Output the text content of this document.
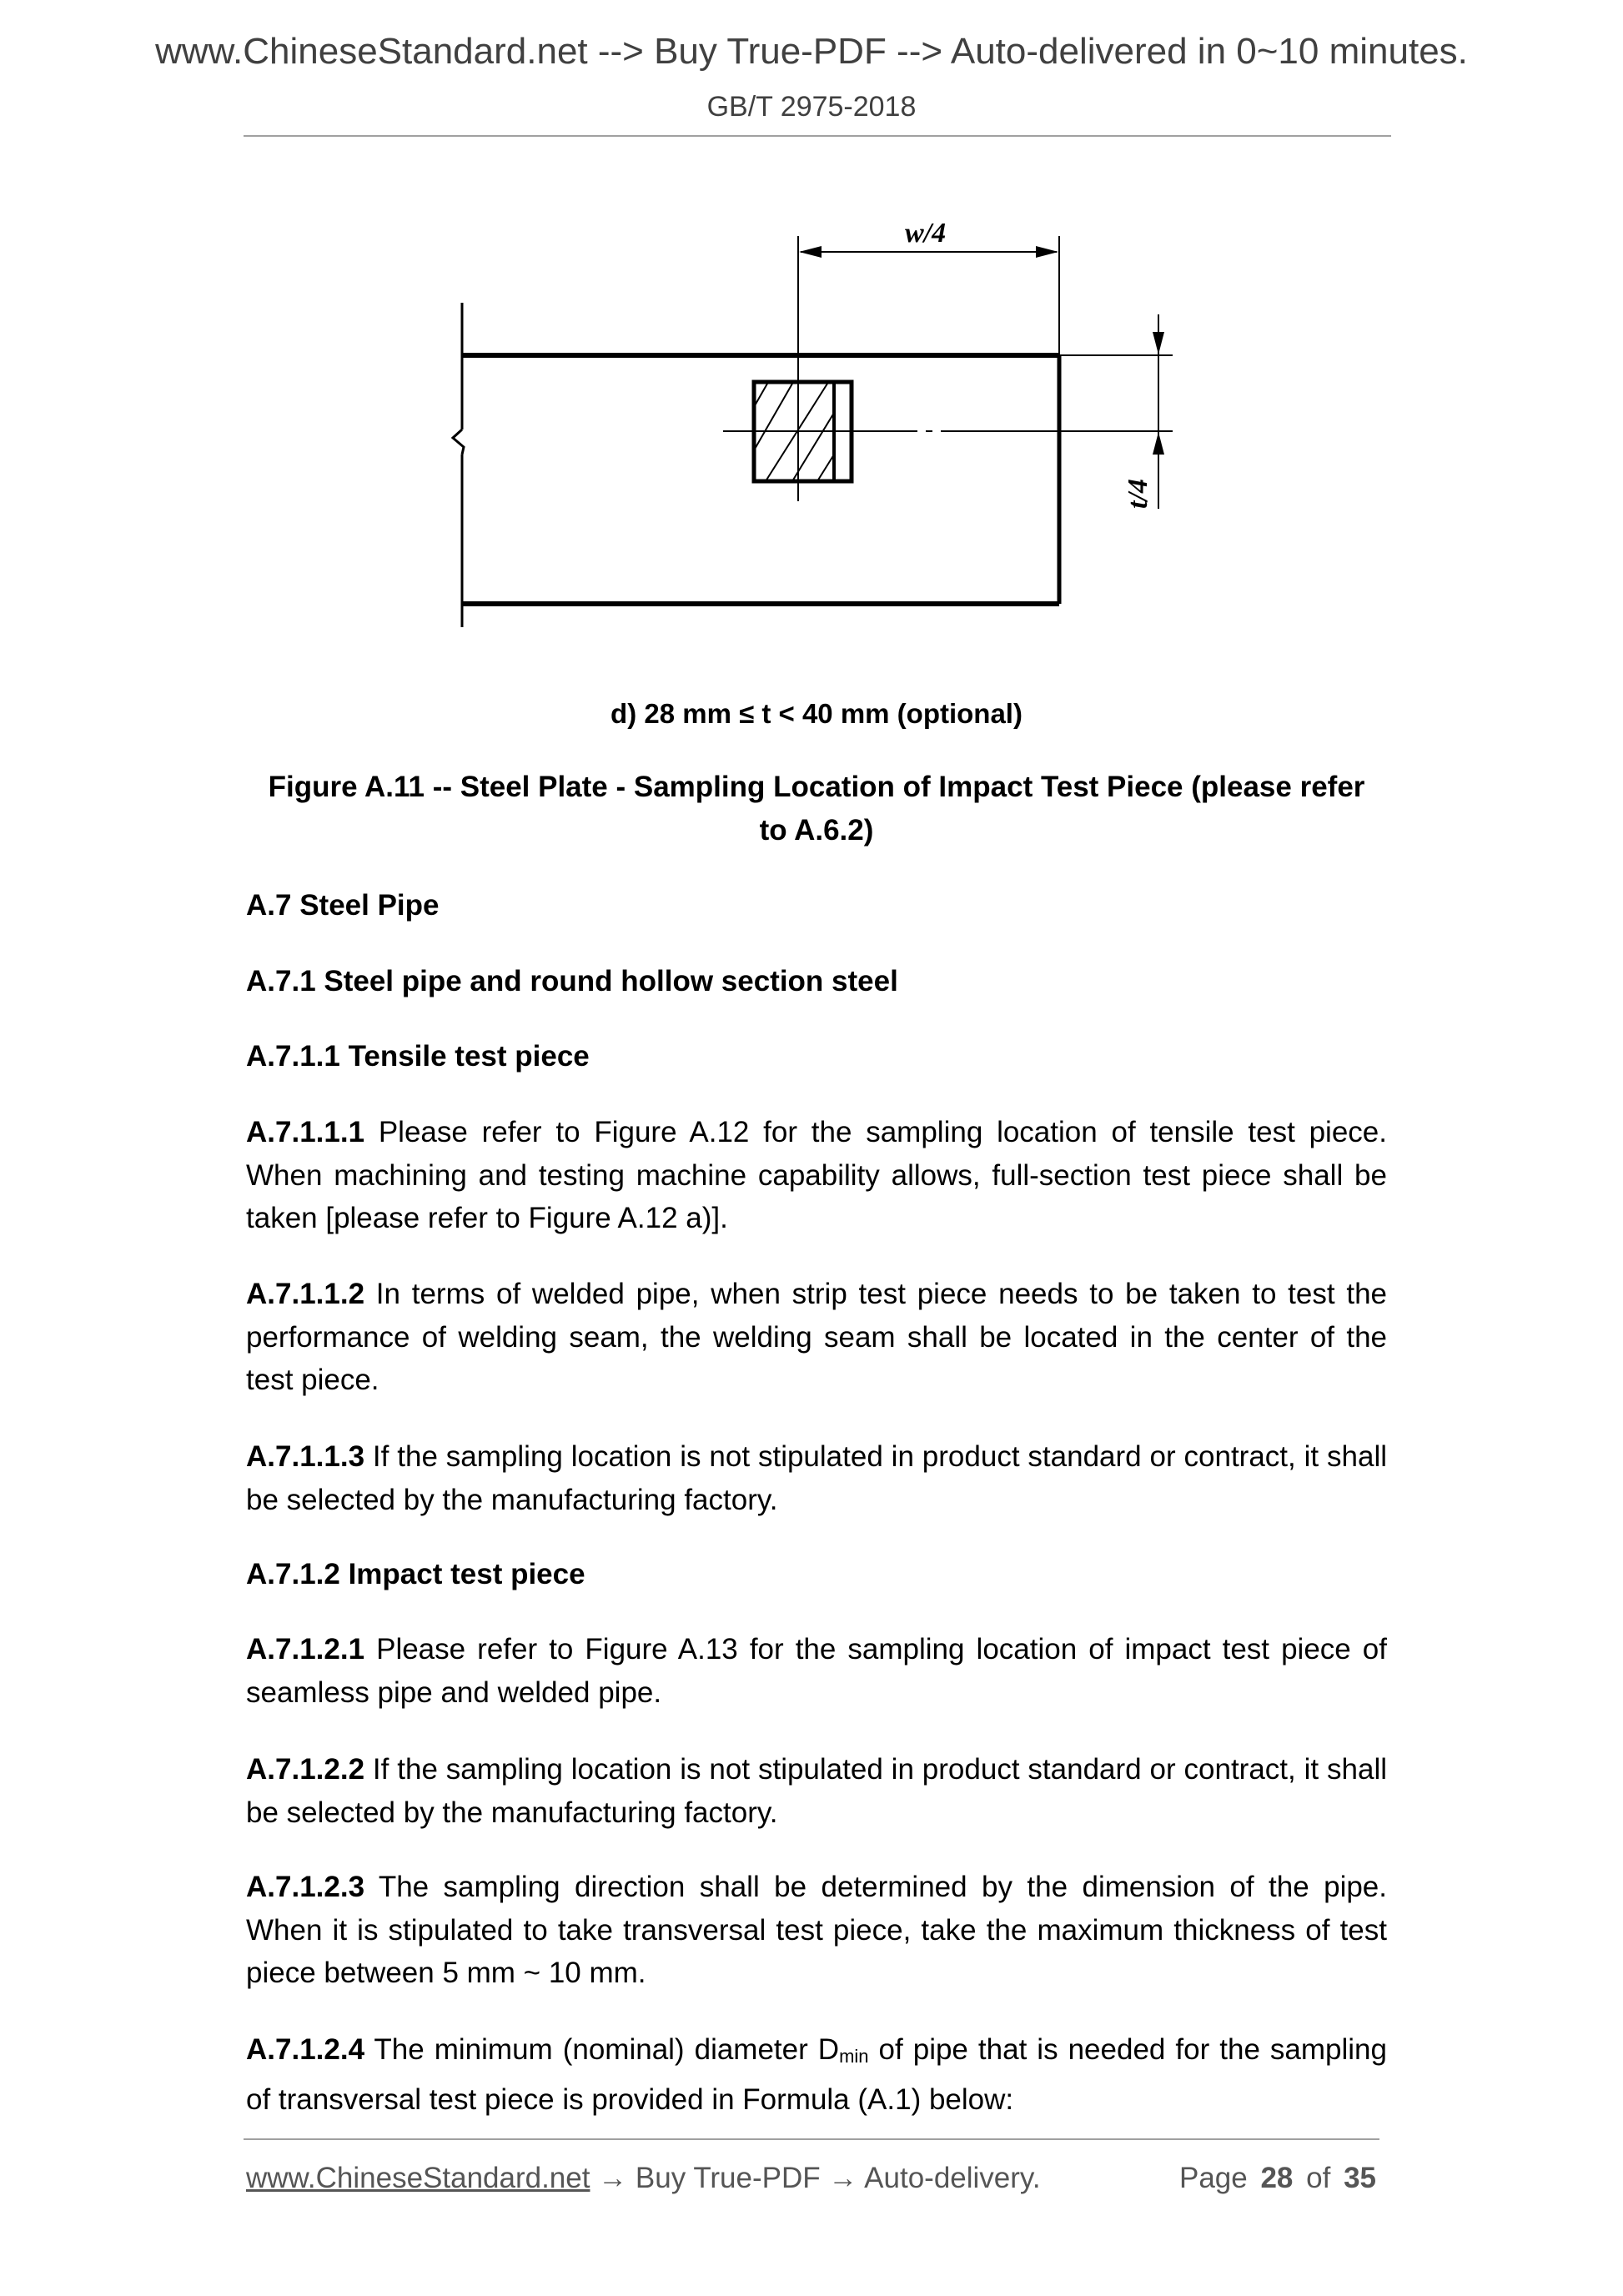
www.ChineseStandard.net --> Buy True-PDF --> Auto-delivered in 0~10 minutes.
GB/T 2975-2018
w/4
t/4
d) 28 mm ≤ t < 40 mm (optional)
Figure A.11 -- Steel Plate - Sampling Location of Impact Test Piece (please refer to A.6.2)
A.7 Steel Pipe
A.7.1 Steel pipe and round hollow section steel
A.7.1.1 Tensile test piece
A.7.1.1.1 Please refer to Figure A.12 for the sampling location of tensile test piece. When machining and testing machine capability allows, full-section test piece shall be taken [please refer to Figure A.12 a)].
A.7.1.1.2 In terms of welded pipe, when strip test piece needs to be taken to test the performance of welding seam, the welding seam shall be located in the center of the test piece.
A.7.1.1.3 If the sampling location is not stipulated in product standard or contract, it shall be selected by the manufacturing factory.
A.7.1.2 Impact test piece
A.7.1.2.1 Please refer to Figure A.13 for the sampling location of impact test piece of seamless pipe and welded pipe.
A.7.1.2.2 If the sampling location is not stipulated in product standard or contract, it shall be selected by the manufacturing factory.
A.7.1.2.3 The sampling direction shall be determined by the dimension of the pipe. When it is stipulated to take transversal test piece, take the maximum thickness of test piece between 5 mm ~ 10 mm.
A.7.1.2.4 The minimum (nominal) diameter $D_{min}$ of pipe that is needed for the sampling of transversal test piece is provided in Formula (A.1) below:
www.ChineseStandard.net → Buy True-PDF → Auto-delivery.	Page 28 of 35
